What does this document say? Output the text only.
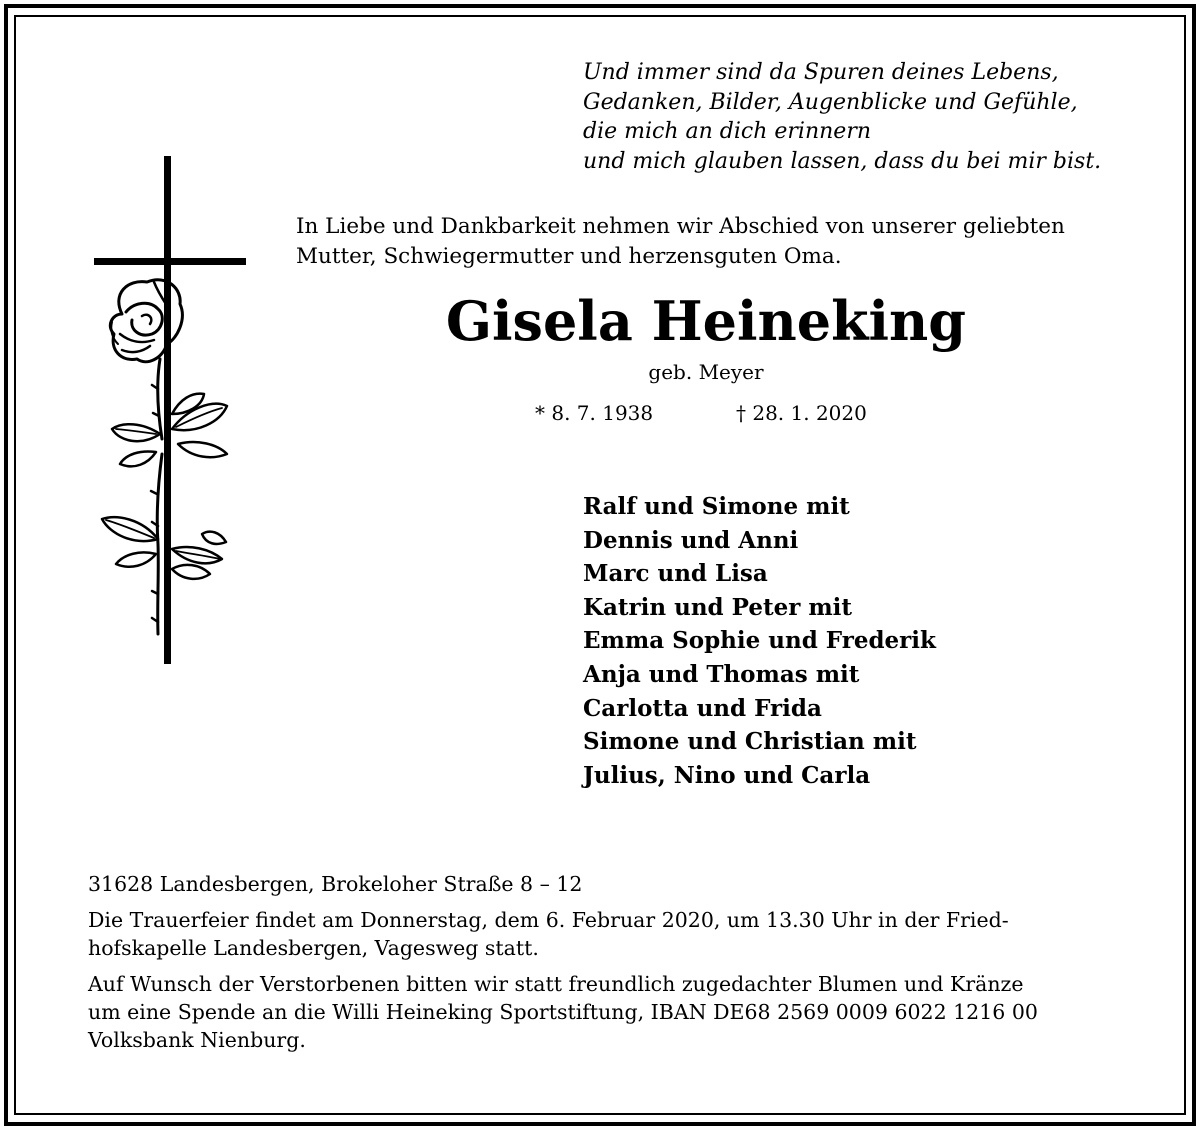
Und immer sind da Spuren deines Lebens,
Gedanken, Bilder, Augenblicke und Gefühle,
die mich an dich erinnern
und mich glauben lassen, dass du bei mir bist.
In Liebe und Dankbarkeit nehmen wir Abschied von unserer geliebten
Mutter, Schwiegermutter und herzensguten Oma.
Gisela Heineking
geb. Meyer
* 8. 7. 1938	† 28. 1. 2020
Ralf und Simone mit
Dennis und Anni
Marc und Lisa
Katrin und Peter mit
Emma Sophie und Frederik
Anja und Thomas mit
Carlotta und Frida
Simone und Christian mit
Julius, Nino und Carla
31628 Landesbergen, Brokeloher Straße 8 – 12
Die Trauerfeier findet am Donnerstag, dem 6. Februar 2020, um 13.30 Uhr in der Fried-
hofskapelle Landesbergen, Vagesweg statt.
Auf Wunsch der Verstorbenen bitten wir statt freundlich zugedachter Blumen und Kränze
um eine Spende an die Willi Heineking Sportstiftung, IBAN DE68 2569 0009 6022 1216 00
Volksbank Nienburg.
